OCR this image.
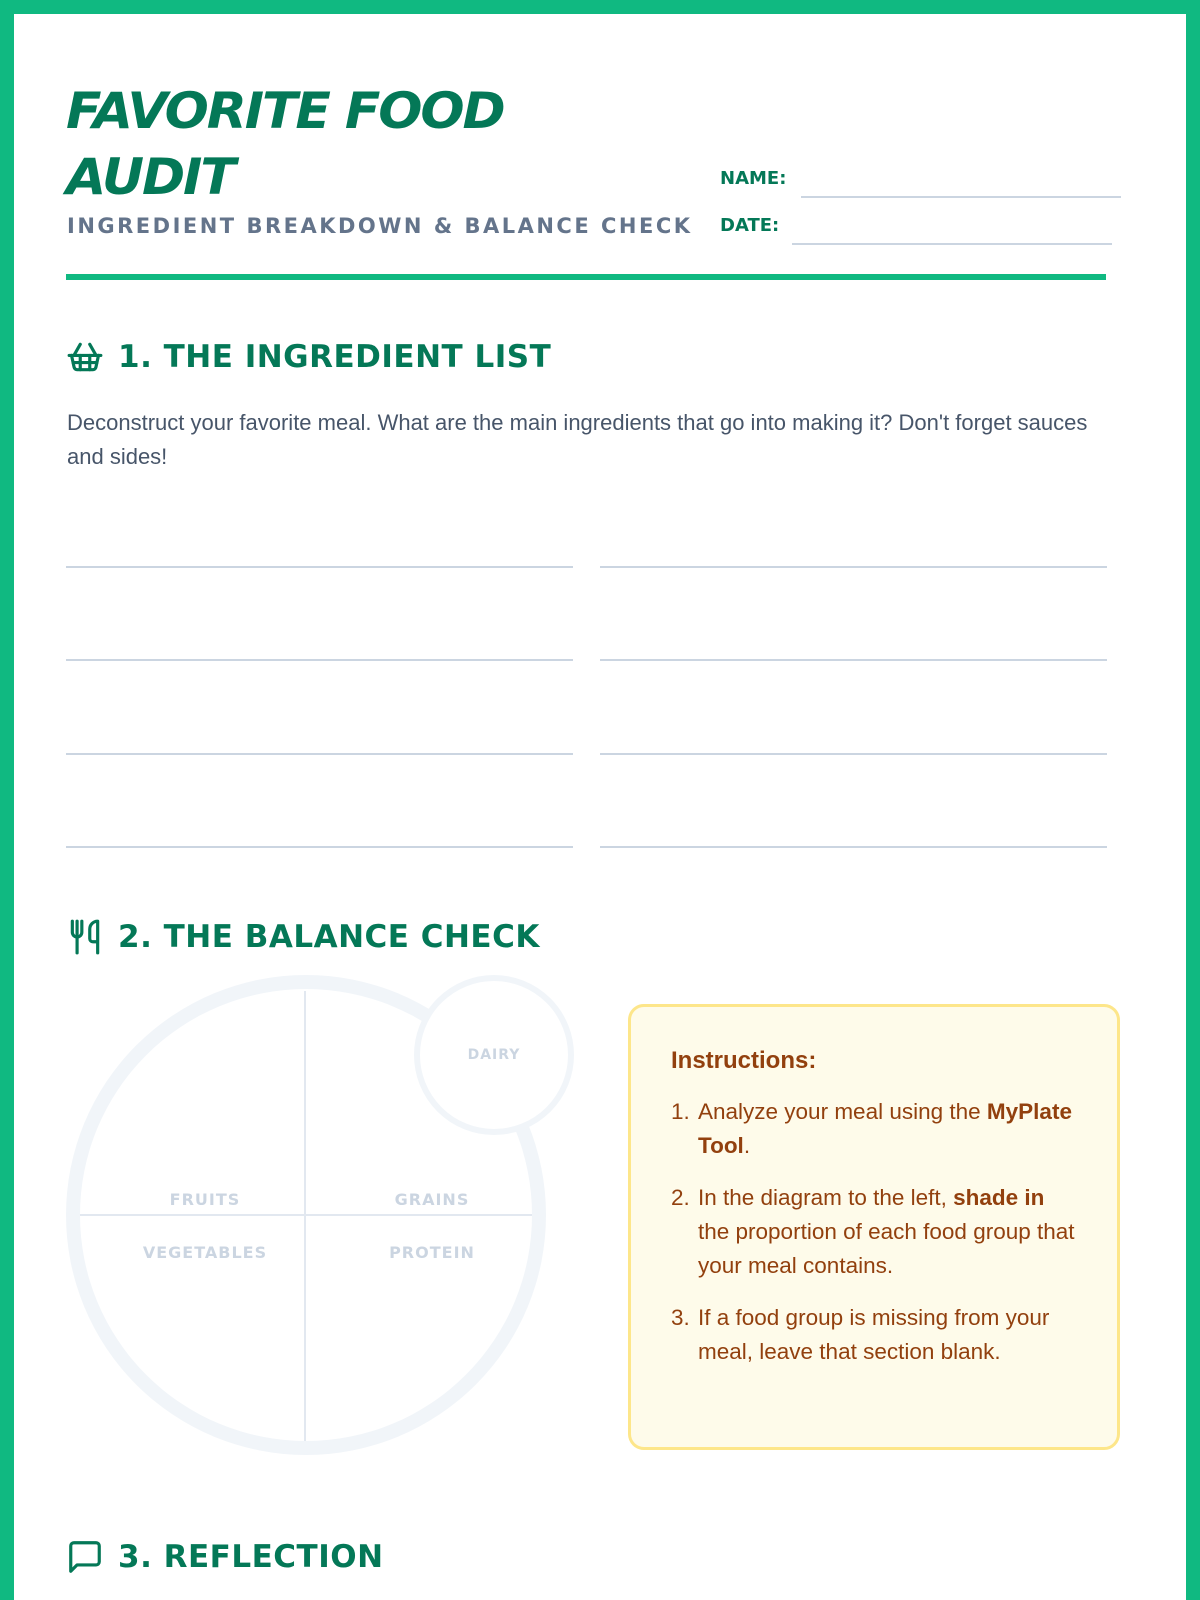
FAVORITE FOOD
AUDIT
INGREDIENT BREAKDOWN & BALANCE CHECK
NAME:
DATE:
1. THE INGREDIENT LIST
Deconstruct your favorite meal. What are the main ingredients that go into making it? Don't forget sauces and sides!
2. THE BALANCE CHECK
FRUITS	GRAINS
VEGETABLES	PROTEIN
DAIRY	Instructions:
1. Analyze your meal using the MyPlate Tool.
2. In the diagram to the left, shade in the proportion of each food group that your meal contains.
3. If a food group is missing from your meal, leave that section blank.
3. REFLECTION
